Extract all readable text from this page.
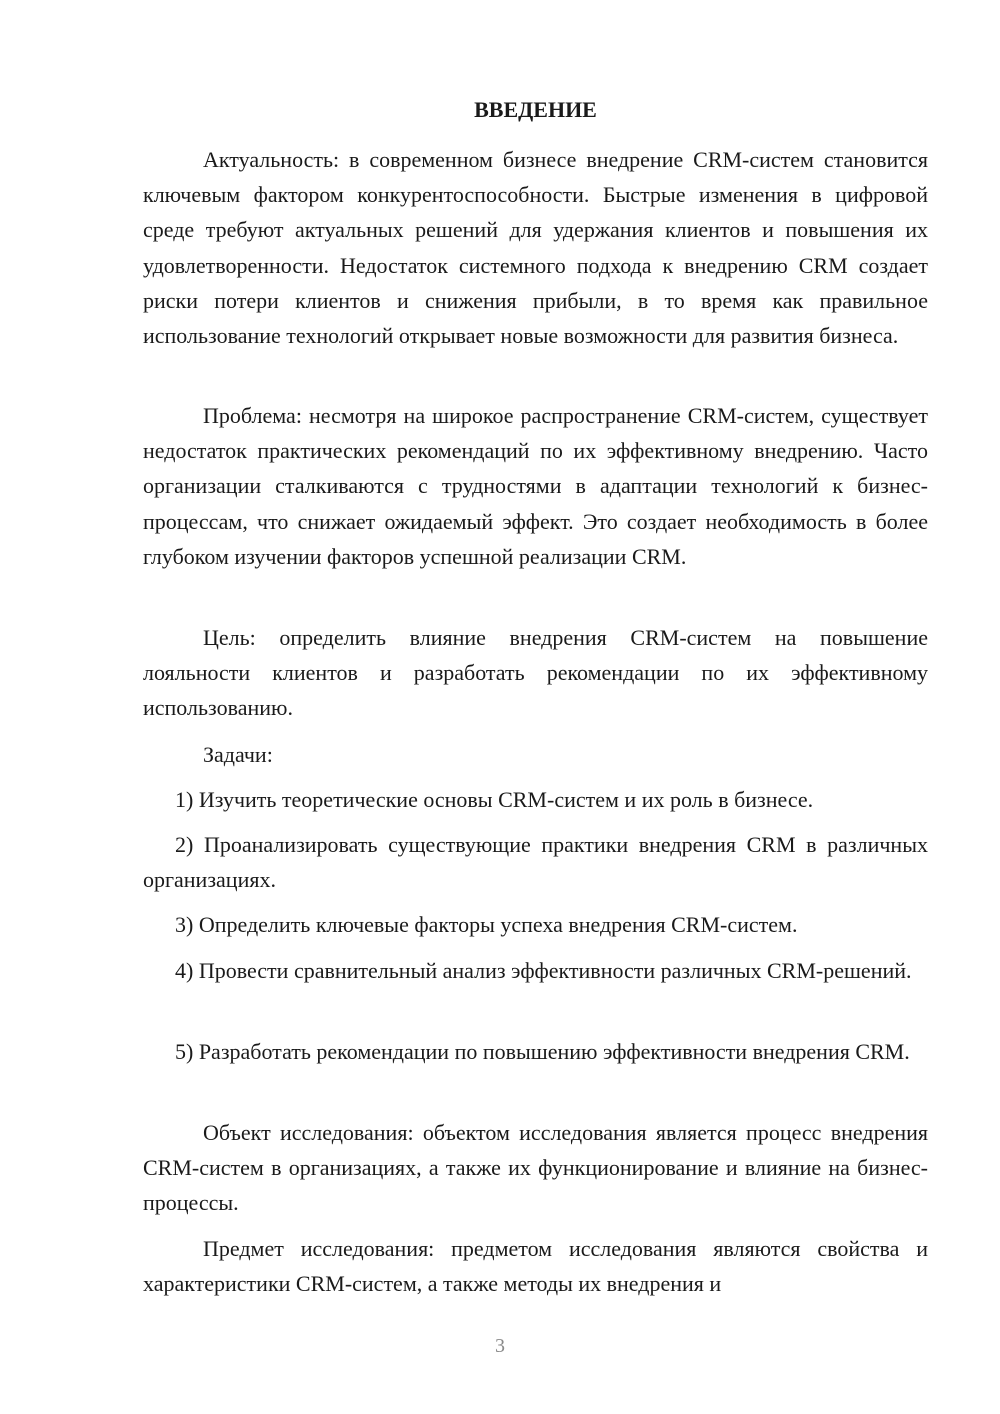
ВВЕДЕНИЕ

Актуальность: в современном бизнесе внедрение CRM-систем становится ключевым фактором конкурентоспособности. Быстрые изменения в цифровой среде требуют актуальных решений для удержания клиентов и повышения их удовлетворенности. Недостаток системного подхода к внедрению CRM создает риски потери клиентов и снижения прибыли, в то время как правильное использование технологий открывает новые возможности для развития бизнеса.

Проблема: несмотря на широкое распространение CRM-систем, существует недостаток практических рекомендаций по их эффективному внедрению. Часто организации сталкиваются с трудностями в адаптации технологий к бизнес-процессам, что снижает ожидаемый эффект. Это создает необходимость в более глубоком изучении факторов успешной реализации CRM.

Цель: определить влияние внедрения CRM-систем на повышение лояльности клиентов и разработать рекомендации по их эффективному использованию.

Задачи:

1) Изучить теоретические основы CRM-систем и их роль в бизнесе.

2) Проанализировать существующие практики внедрения CRM в различных организациях.

3) Определить ключевые факторы успеха внедрения CRM-систем.

4) Провести сравнительный анализ эффективности различных CRM-решений.

5) Разработать рекомендации по повышению эффективности внедрения CRM.

Объект исследования: объектом исследования является процесс внедрения CRM-систем в организациях, а также их функционирование и влияние на бизнес-процессы.

Предмет исследования: предметом исследования являются свойства и характеристики CRM-систем, а также методы их внедрения и

3
